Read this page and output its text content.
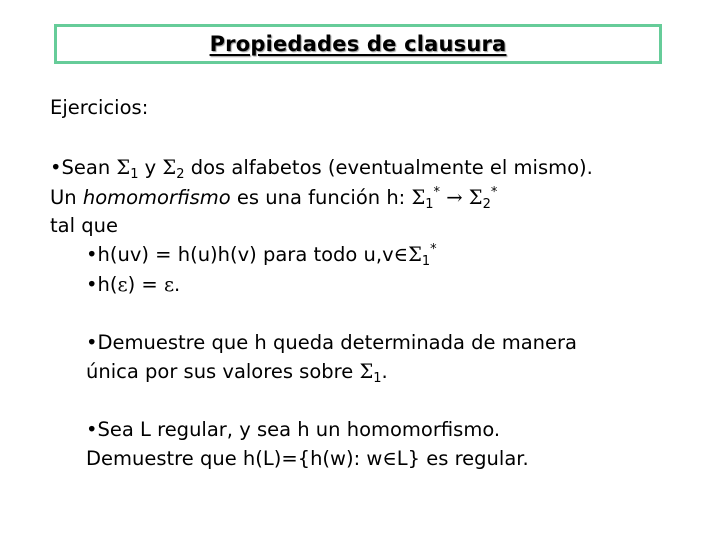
Propiedades de clausura
Ejercicios:
•Sean $\Sigma_1$ y $\Sigma_2$ dos alfabetos (eventualmente el mismo).
Un homomorfismo es una función h: $\Sigma_1^* \to \Sigma_2^*$
tal que
•h(uv) = h(u)h(v) para todo $u,v\in\Sigma_1^*$
•h(ε) = ε.
•Demuestre que h queda determinada de manera
única por sus valores sobre $\Sigma_1$.
•Sea L regular, y sea h un homomorfismo.
Demuestre que h(L)={h(w): w∈L} es regular.
